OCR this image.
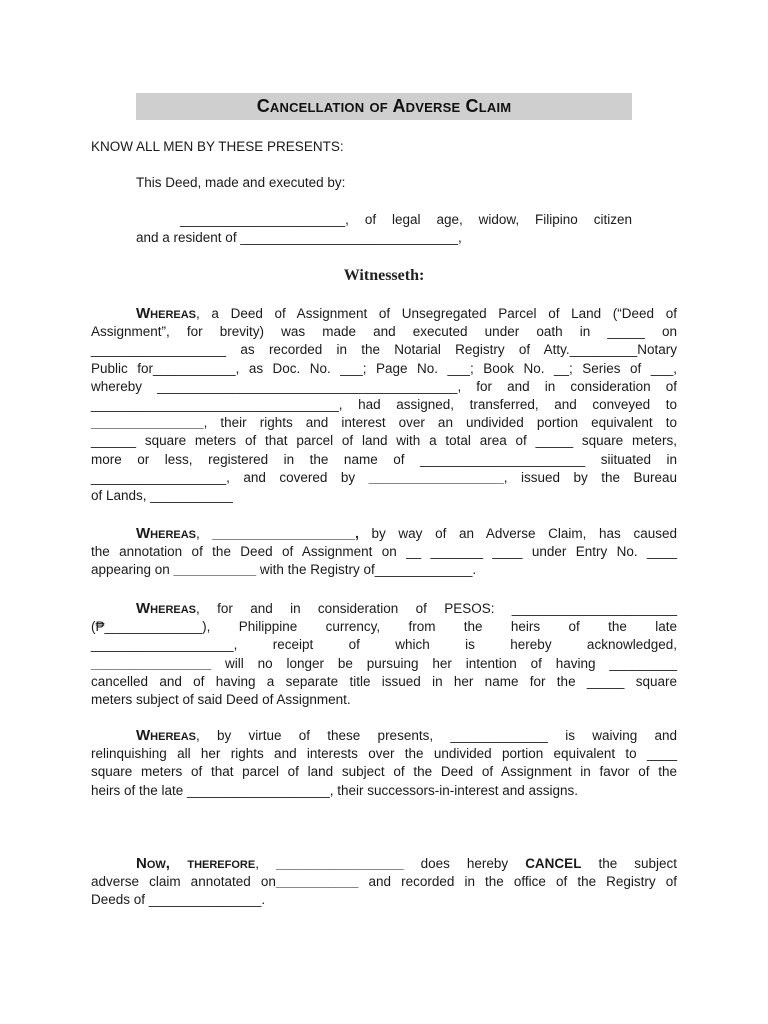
Cancellation of Adverse Claim
KNOW ALL MEN BY THESE PRESENTS:
This Deed, made and executed by:
______________________, of legal age, widow, Filipino citizen
and a resident of _____________________________,
Witnesseth:
Whereas, a Deed of Assignment of Unsegregated Parcel of Land (“Deed of
Assignment”, for brevity) was made and executed under oath in _____ on
__________________ as recorded in the Notarial Registry of Atty._________Notary
Public for___________, as Doc. No. ___; Page No. ___; Book No. __; Series of ___,
whereby ________________________________________, for and in consideration of
_________________________________, had assigned, transferred, and conveyed to
_______________, their rights and interest over an undivided portion equivalent to
______ square meters of that parcel of land with a total area of _____ square meters,
more or less, registered in the name of ______________________ siituated in
__________________, and covered by __________________, issued by the Bureau
of Lands, ___________
Whereas, ___________________, by way of an Adverse Claim, has caused
the annotation of the Deed of Assignment on __ _______ ____ under Entry No. ____
appearing on ___________ with the Registry of_____________.
Whereas, for and in consideration of PESOS: ______________________
(₱_____________), Philippine currency, from the heirs of the late
___________________, receipt of which is hereby acknowledged,
________________ will no longer be pursuing her intention of having _________
cancelled and of having a separate title issued in her name for the _____ square
meters subject of said Deed of Assignment.
Whereas, by virtue of these presents, _____________ is waiving and
relinquishing all her rights and interests over the undivided portion equivalent to ____
square meters of that parcel of land subject of the Deed of Assignment in favor of the
heirs of the late ___________________, their successors-in-interest and assigns.
Now, therefore, _________________ does hereby CANCEL the subject
adverse claim annotated on___________ and recorded in the office of the Registry of
Deeds of _______________.
